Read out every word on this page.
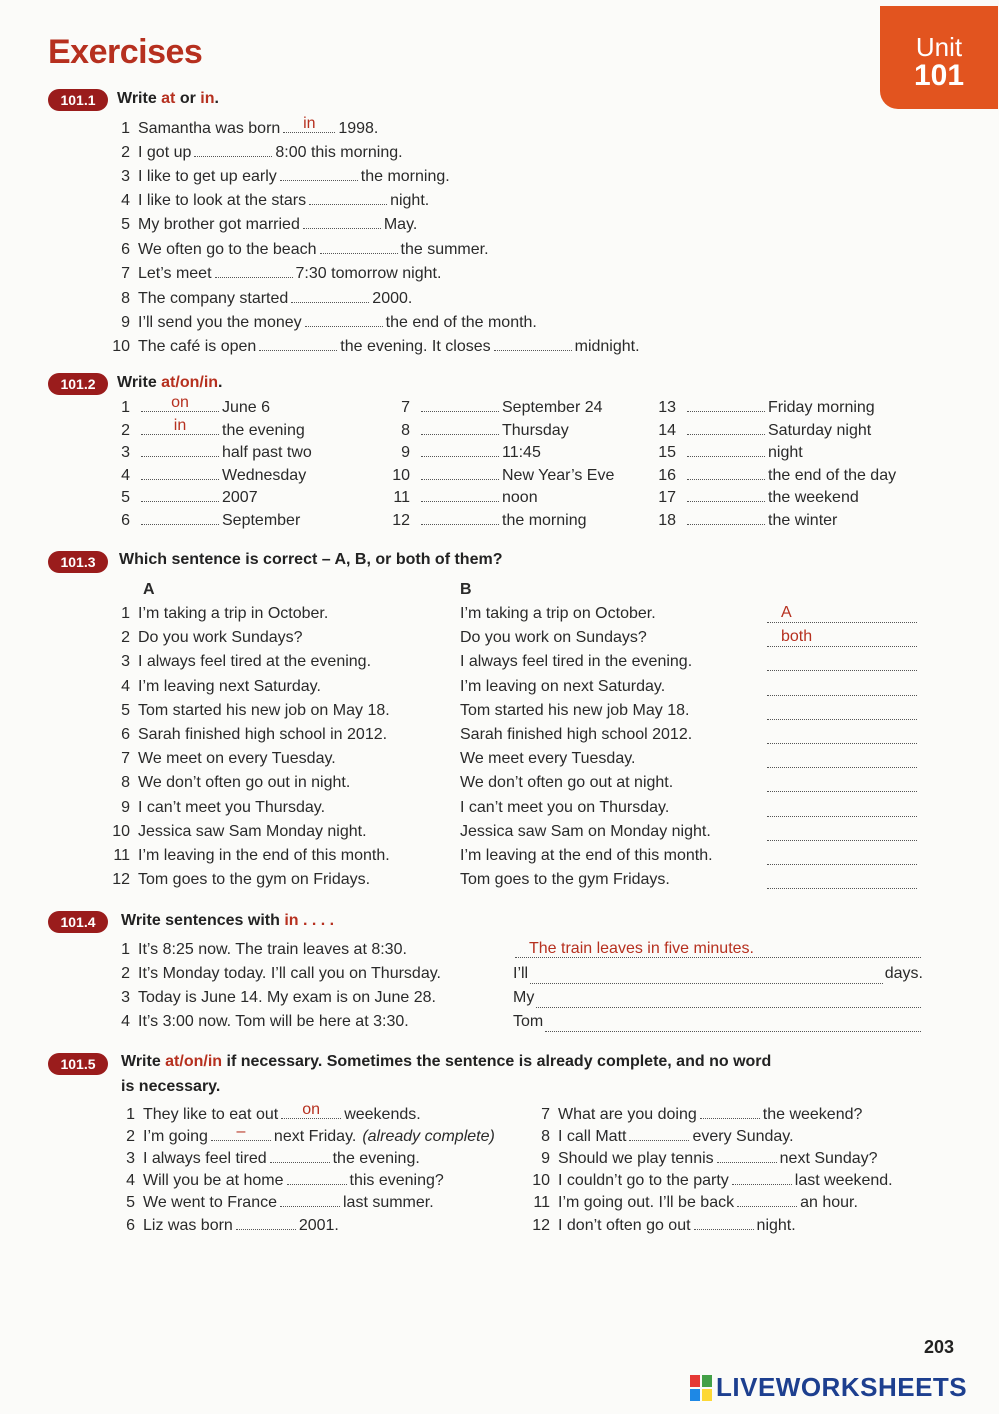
Exercises	Unit
101
101.1	Write at or in.
1 Samantha was born	in	1998.
2 I got up	8:00 this morning.
3 I like to get up early	the morning.
4 I like to look at the stars	night.
5 My brother got married	May.
6 We often go to the beach	the summer.
7 Let’s meet	7:30 tomorrow night.
8 The company started	2000.
9 I’ll send you the money	the end of the month.
10 The café is open	the evening. It closes	midnight.
101.2	Write at/on/in.
1	on	June 6
2	in	the evening
3	half past two
4	Wednesday
5	2007
6	September
7	September 24
8	Thursday
9	11:45
10	New Year’s Eve
11	noon
12	the morning
13	Friday morning
14	Saturday night
15	night
16	the end of the day
17	the weekend
18	the winter
101.3	Which sentence is correct – A, B, or both of them?
A	B
1 I’m taking a trip in October.	I’m taking a trip on October.	A
2 Do you work Sundays?	Do you work on Sundays?	both
3 I always feel tired at the evening.	I always feel tired in the evening.
4 I’m leaving next Saturday.	I’m leaving on next Saturday.
5 Tom started his new job on May 18.	Tom started his new job May 18.
6 Sarah finished high school in 2012.	Sarah finished high school 2012.
7 We meet on every Tuesday.	We meet every Tuesday.
8 We don’t often go out in night.	We don’t often go out at night.
9 I can’t meet you Thursday.	I can’t meet you on Thursday.
10 Jessica saw Sam Monday night.	Jessica saw Sam on Monday night.
11 I’m leaving in the end of this month.	I’m leaving at the end of this month.
12 Tom goes to the gym on Fridays.	Tom goes to the gym Fridays.
101.4	Write sentences with in . . . .
1 It’s 8:25 now. The train leaves at 8:30.	The train leaves in five minutes.
2 It’s Monday today. I’ll call you on Thursday.	I’ll	days.
3 Today is June 14. My exam is on June 28.	My
4 It’s 3:00 now. Tom will be here at 3:30.	Tom
101.5	Write at/on/in if necessary. Sometimes the sentence is already complete, and no word
is necessary.
1 They like to eat out	on	weekends.
2 I’m going	–	next Friday. (already complete)
3 I always feel tired	the evening.
4 Will you be at home	this evening?
5 We went to France	last summer.
6 Liz was born	2001.
7 What are you doing	the weekend?
8 I call Matt	every Sunday.
9 Should we play tennis	next Sunday?
10 I couldn’t go to the party	last weekend.
11 I’m going out. I’ll be back	an hour.
12 I don’t often go out	night.
203
LIVEWORKSHEETS
